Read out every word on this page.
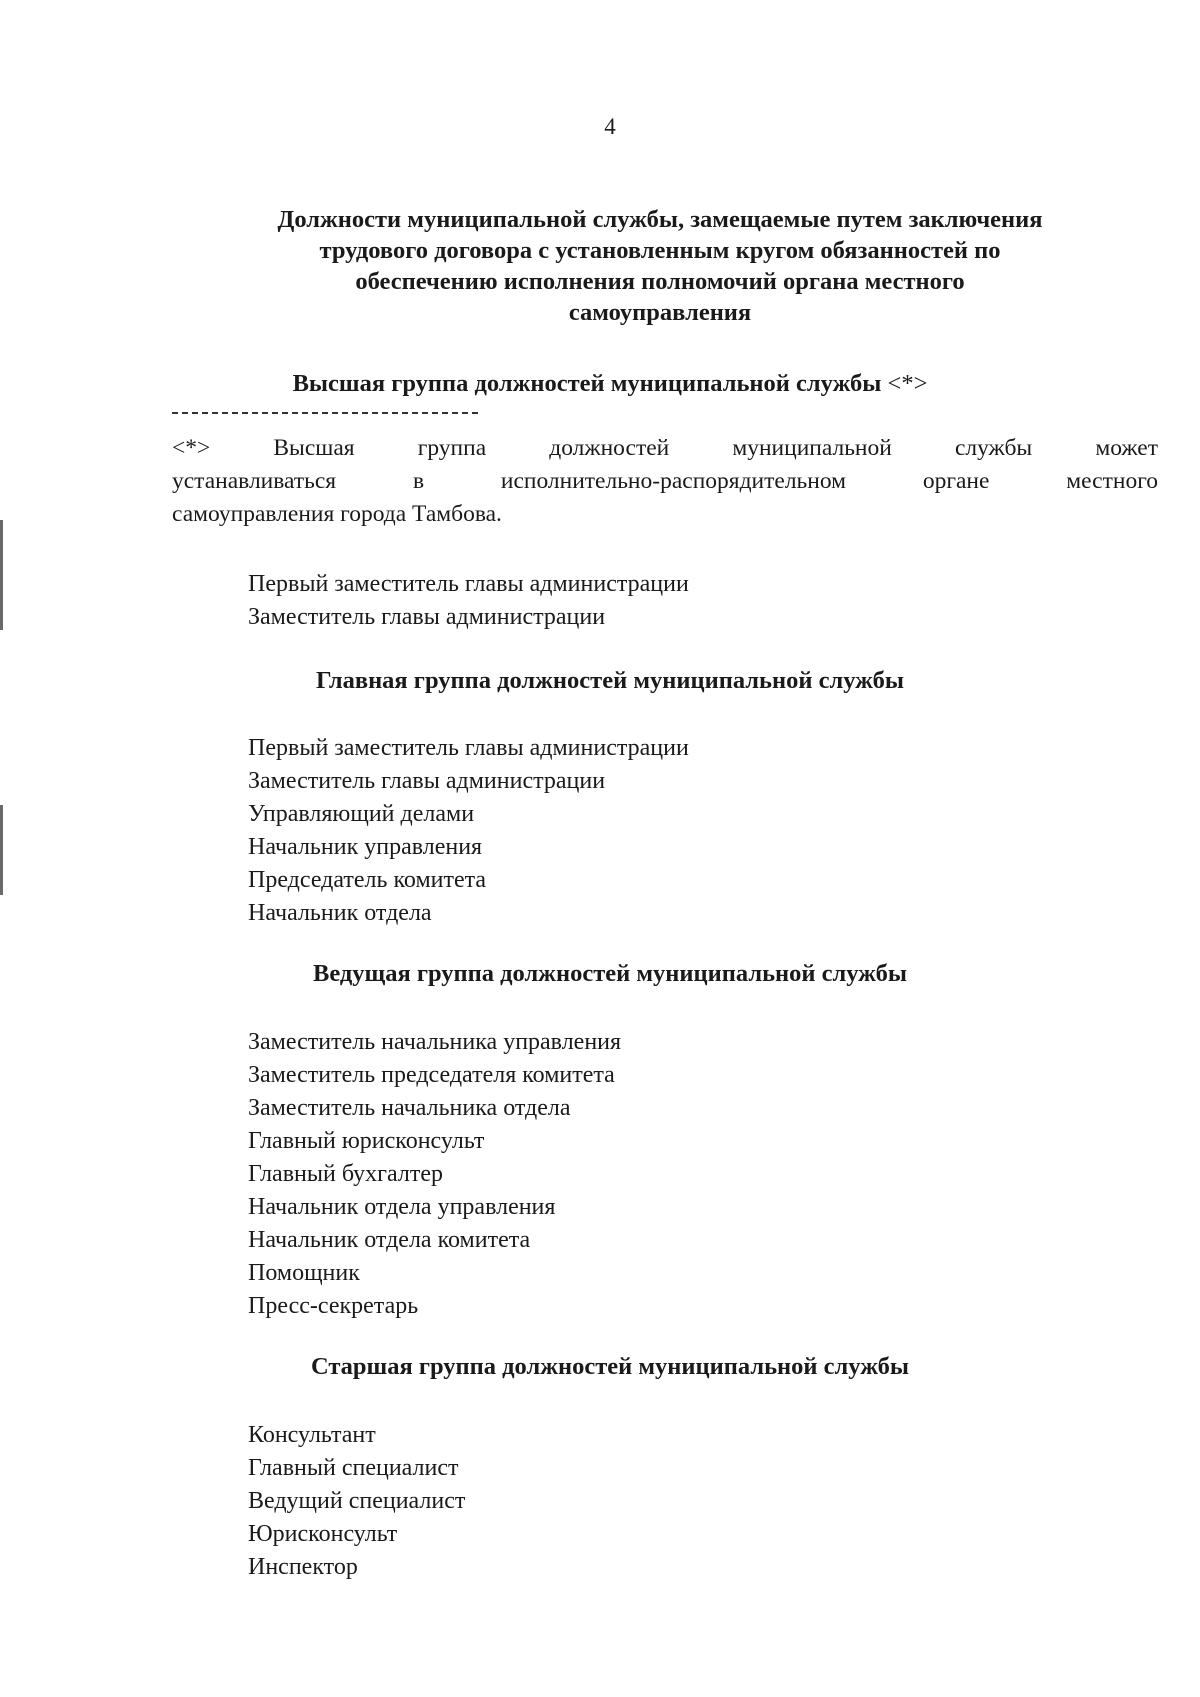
4
Должности муниципальной службы, замещаемые путем заключения
трудового договора с установленным кругом обязанностей по
обеспечению исполнения полномочий органа местного
самоуправления
Высшая группа должностей муниципальной службы <*>
<*> Высшая группа должностей муниципальной службы может
устанавливаться в исполнительно-распорядительном органе местного
самоуправления города Тамбова.
Первый заместитель главы администрации
Заместитель главы администрации
Главная группа должностей муниципальной службы
Первый заместитель главы администрации
Заместитель главы администрации
Управляющий делами
Начальник управления
Председатель комитета
Начальник отдела
Ведущая группа должностей муниципальной службы
Заместитель начальника управления
Заместитель председателя комитета
Заместитель начальника отдела
Главный юрисконсульт
Главный бухгалтер
Начальник отдела управления
Начальник отдела комитета
Помощник
Пресс-секретарь
Старшая группа должностей муниципальной службы
Консультант
Главный специалист
Ведущий специалист
Юрисконсульт
Инспектор
